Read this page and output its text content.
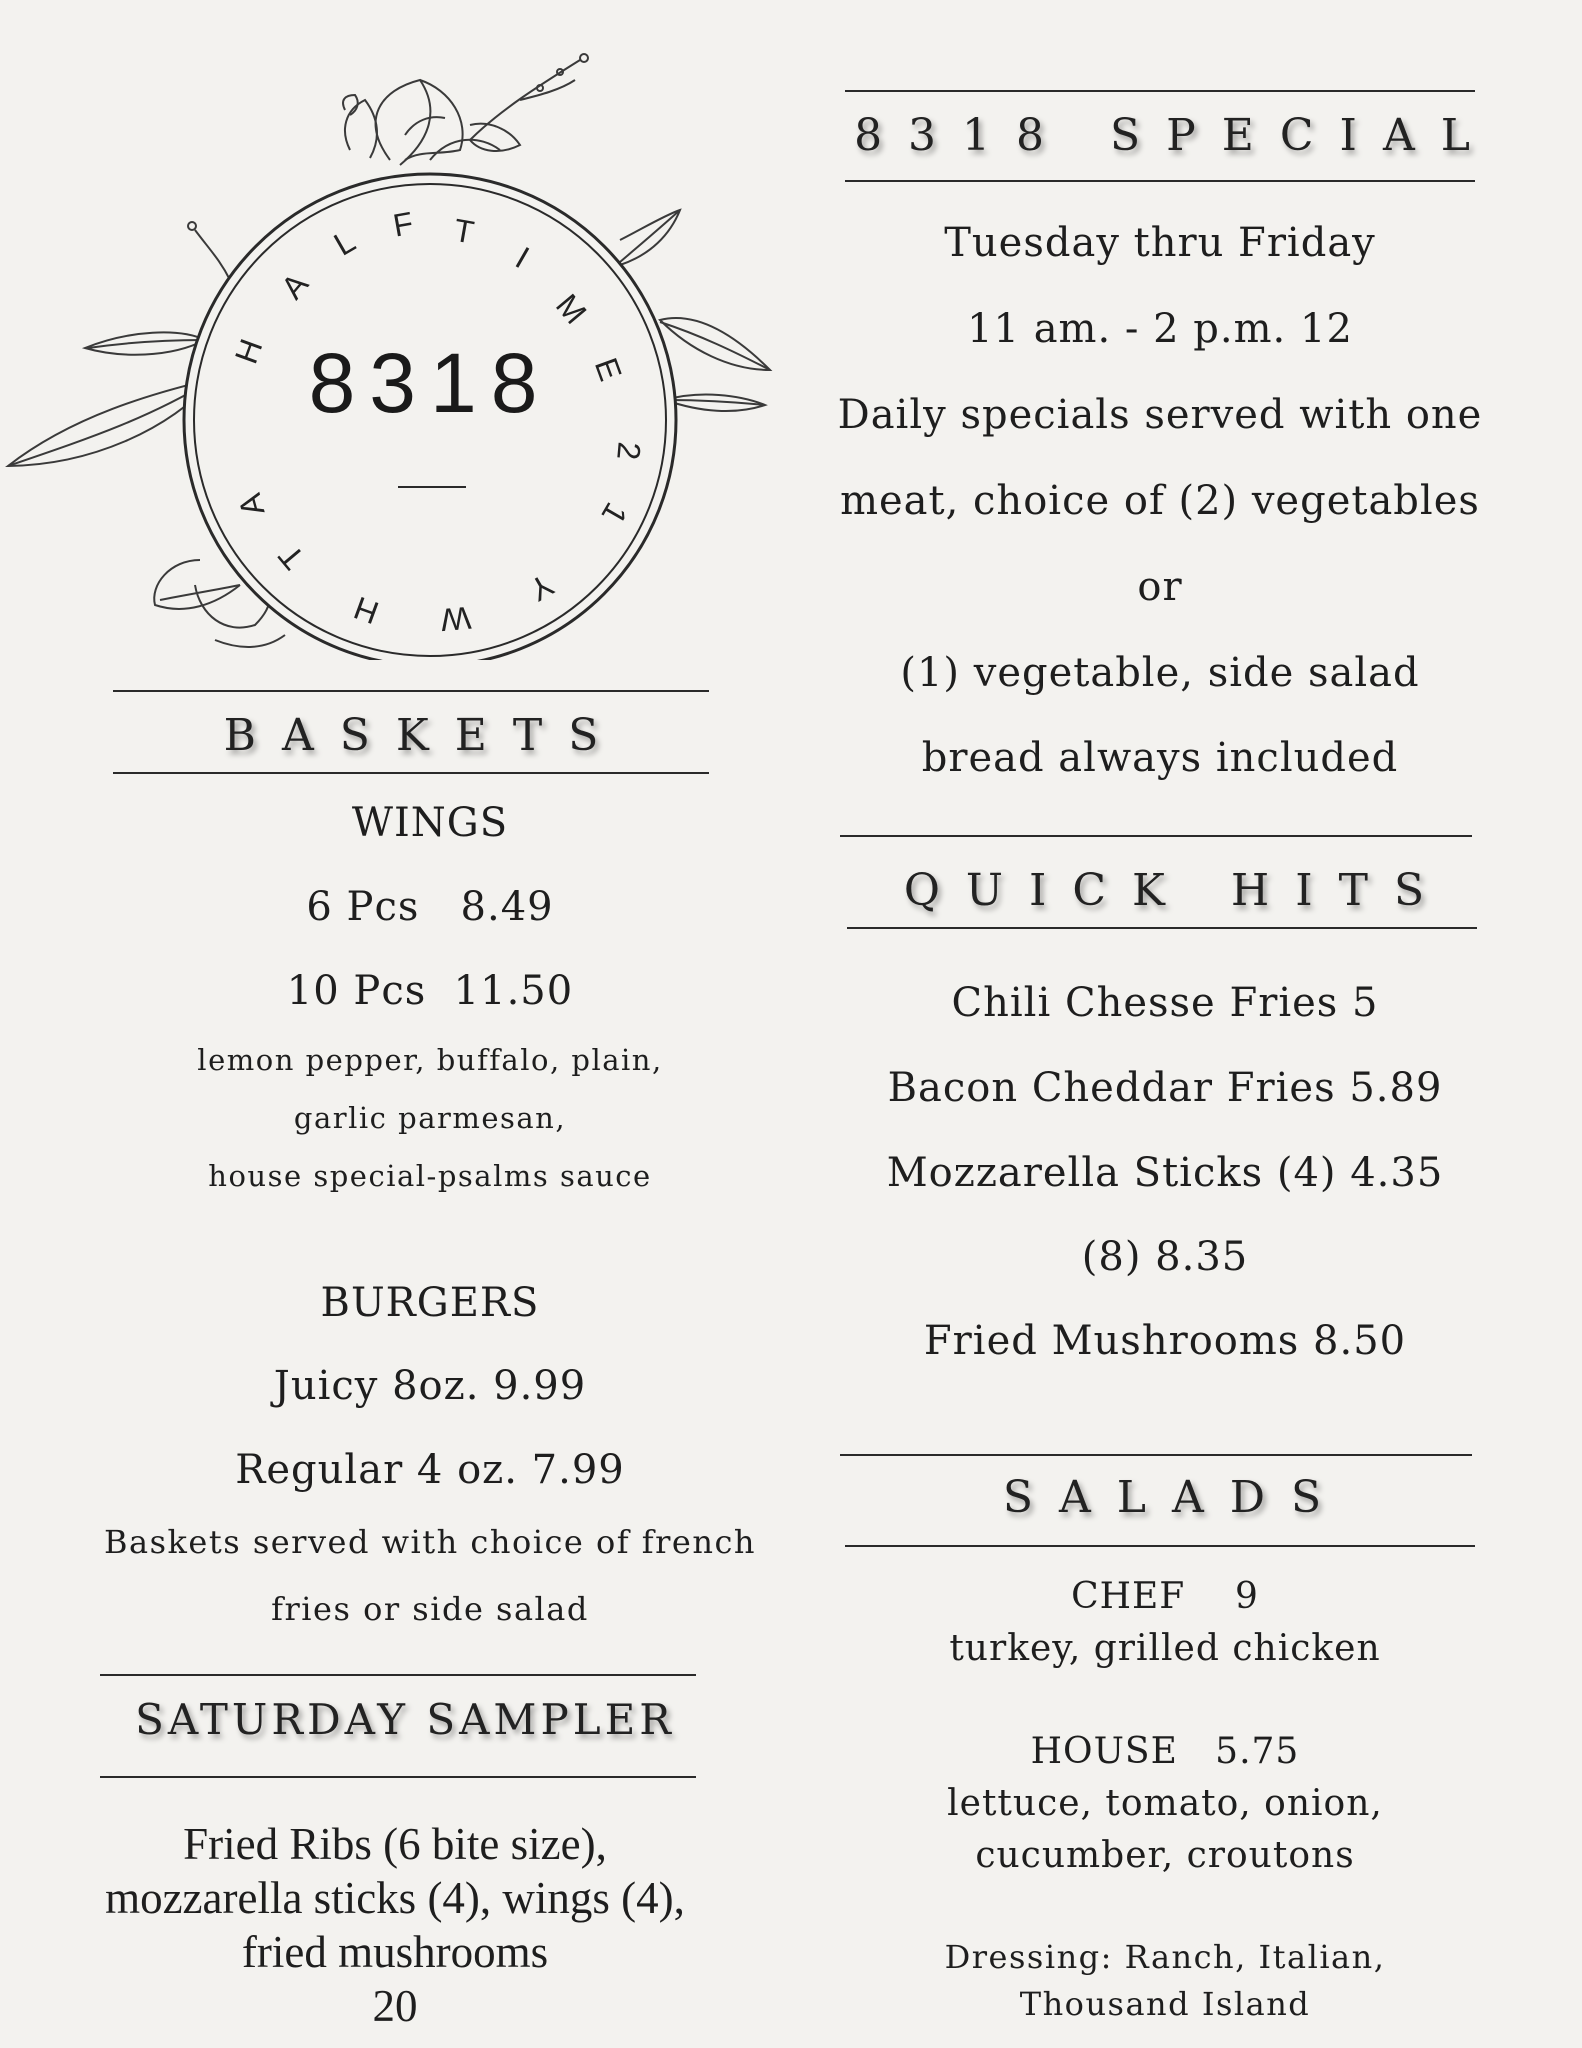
H
A
L F T
I
M
E
2
1
Y
W
H
T
A
8318
8318 SPECIAL
Tuesday thru Friday
11 am. - 2 p.m. 12
Daily specials served with one
meat, choice of (2) vegetables
or
(1) vegetable, side salad
bread always included
QUICK HITS
Chili Chesse Fries 5
Bacon Cheddar Fries 5.89
Mozzarella Sticks (4) 4.35
(8) 8.35
Fried Mushrooms 8.50
SALADS
CHEF    9
turkey, grilled chicken
HOUSE   5.75
lettuce, tomato, onion,
cucumber, croutons
Dressing: Ranch, Italian,
Thousand Island
BASKETS
WINGS
6 Pcs   8.49
10 Pcs  11.50
lemon pepper, buffalo, plain,
garlic parmesan,
house special-psalms sauce
BURGERS
Juicy 8oz. 9.99
Regular 4 oz. 7.99
Baskets served with choice of french
fries or side salad
SATURDAY SAMPLER
Fried Ribs (6 bite size),
mozzarella sticks (4), wings (4),
fried mushrooms
20
